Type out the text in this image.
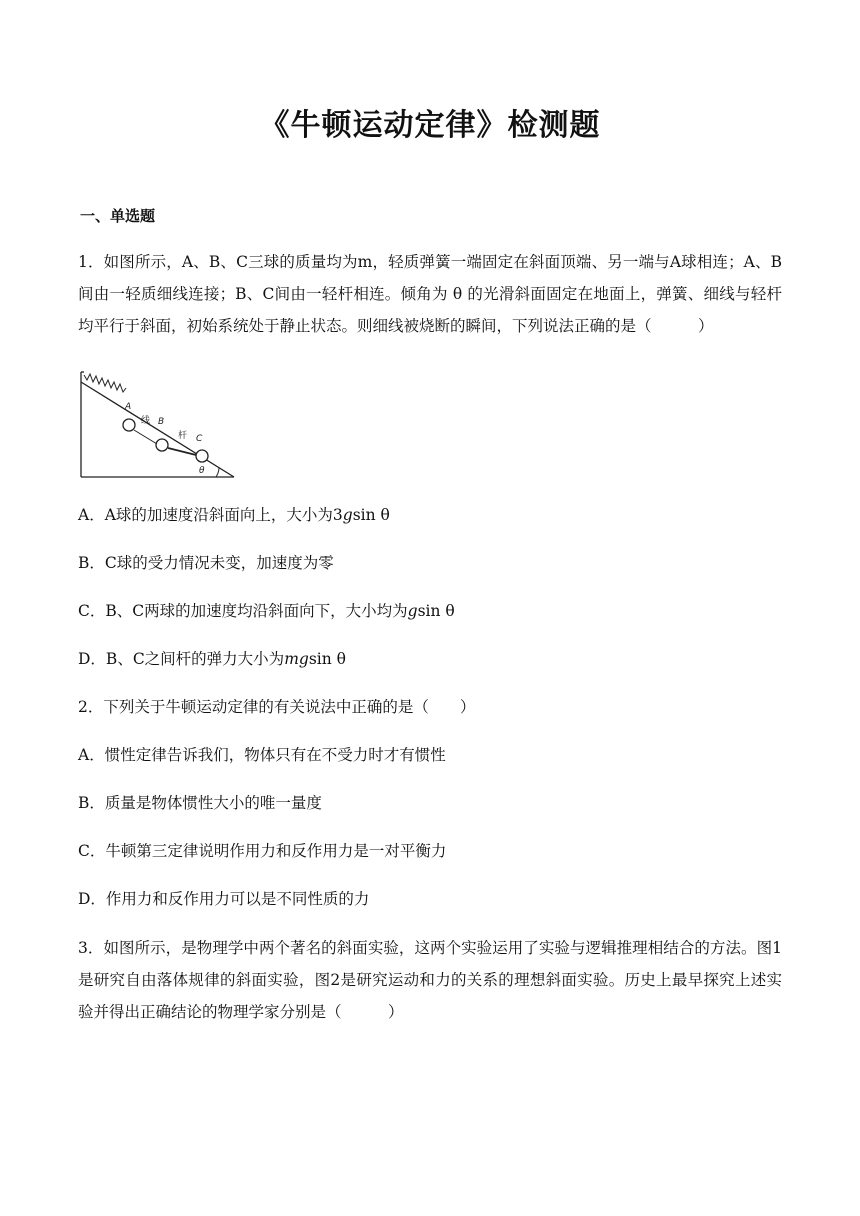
《牛顿运动定律》检测题
一、单选题
1．如图所示，A、B、C三球的质量均为m，轻质弹簧一端固定在斜面顶端、另一端与A球相连；A、B间由一轻质细线连接；B、C间由一轻杆相连。倾角为 θ 的光滑斜面固定在地面上，弹簧、细线与轻杆均平行于斜面，初始系统处于静止状态。则细线被烧断的瞬间，下列说法正确的是（　　　）
A
线 B
杆 C
θ
A．A球的加速度沿斜面向上，大小为3gsin θ
B．C球的受力情况未变，加速度为零
C．B、C两球的加速度均沿斜面向下，大小均为gsin θ
D．B、C之间杆的弹力大小为mgsin θ
2．下列关于牛顿运动定律的有关说法中正确的是（　　）
A．惯性定律告诉我们，物体只有在不受力时才有惯性
B．质量是物体惯性大小的唯一量度
C．牛顿第三定律说明作用力和反作用力是一对平衡力
D．作用力和反作用力可以是不同性质的力
3．如图所示，是物理学中两个著名的斜面实验，这两个实验运用了实验与逻辑推理相结合的方法。图1是研究自由落体规律的斜面实验，图2是研究运动和力的关系的理想斜面实验。历史上最早探究上述实验并得出正确结论的物理学家分别是（　　　）
